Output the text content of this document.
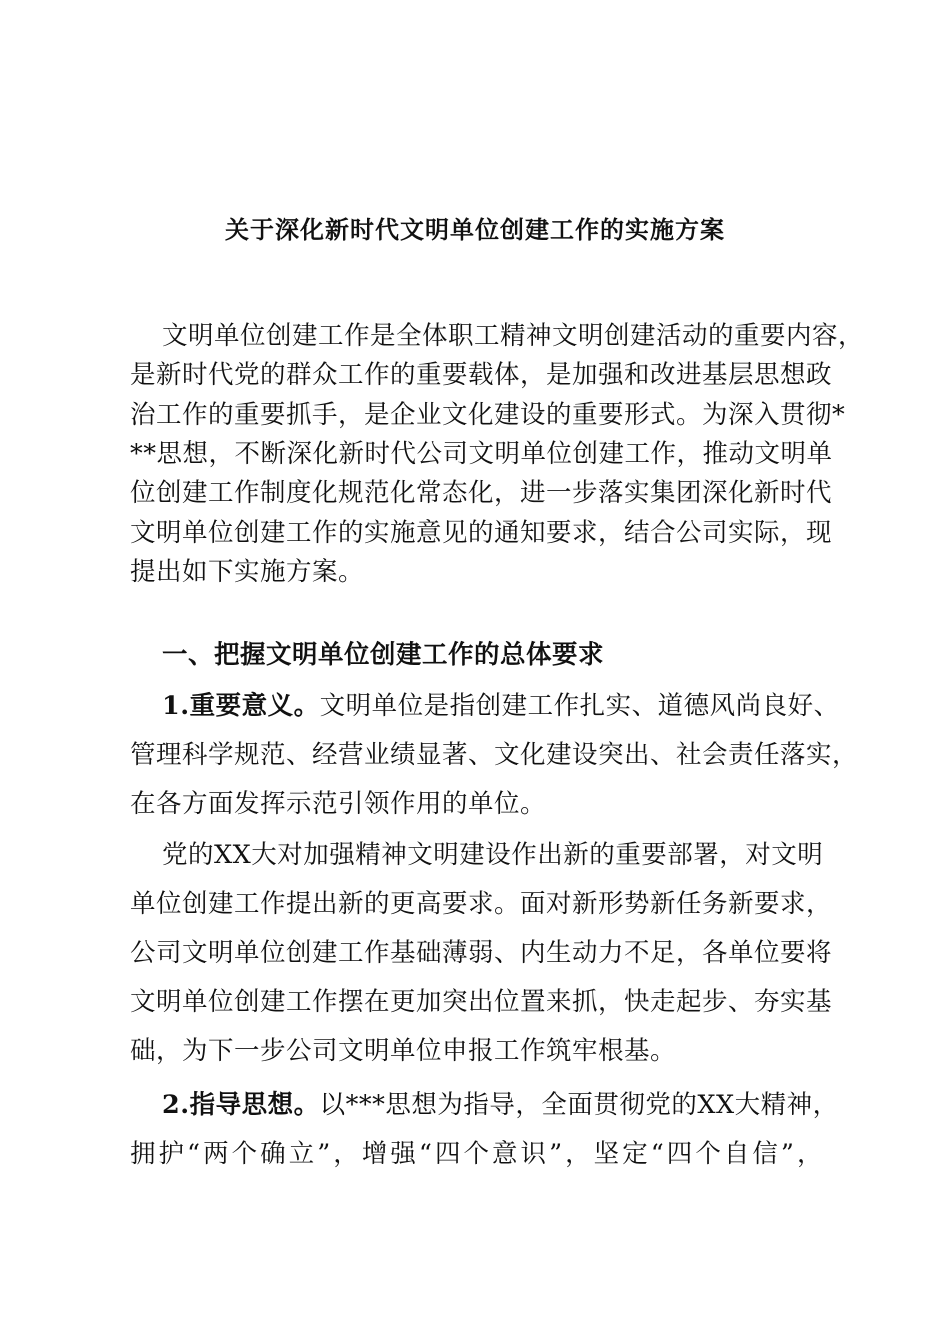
关于深化新时代文明单位创建工作的实施方案
文明单位创建工作是全体职工精神文明创建活动的重要内容，
是新时代党的群众工作的重要载体，是加强和改进基层思想政
治工作的重要抓手，是企业文化建设的重要形式。为深入贯彻*
**思想，不断深化新时代公司文明单位创建工作，推动文明单
位创建工作制度化规范化常态化，进一步落实集团深化新时代
文明单位创建工作的实施意见的通知要求，结合公司实际，现
提出如下实施方案。
一、把握文明单位创建工作的总体要求
1.重要意义。文明单位是指创建工作扎实、道德风尚良好、
管理科学规范、经营业绩显著、文化建设突出、社会责任落实，
在各方面发挥示范引领作用的单位。
党的XX大对加强精神文明建设作出新的重要部署，对文明
单位创建工作提出新的更高要求。面对新形势新任务新要求，
公司文明单位创建工作基础薄弱、内生动力不足，各单位要将
文明单位创建工作摆在更加突出位置来抓，快走起步、夯实基
础，为下一步公司文明单位申报工作筑牢根基。
2.指导思想。以***思想为指导，全面贯彻党的XX大精神，
拥护“两个确立”，增强“四个意识”，坚定“四个自信”，
